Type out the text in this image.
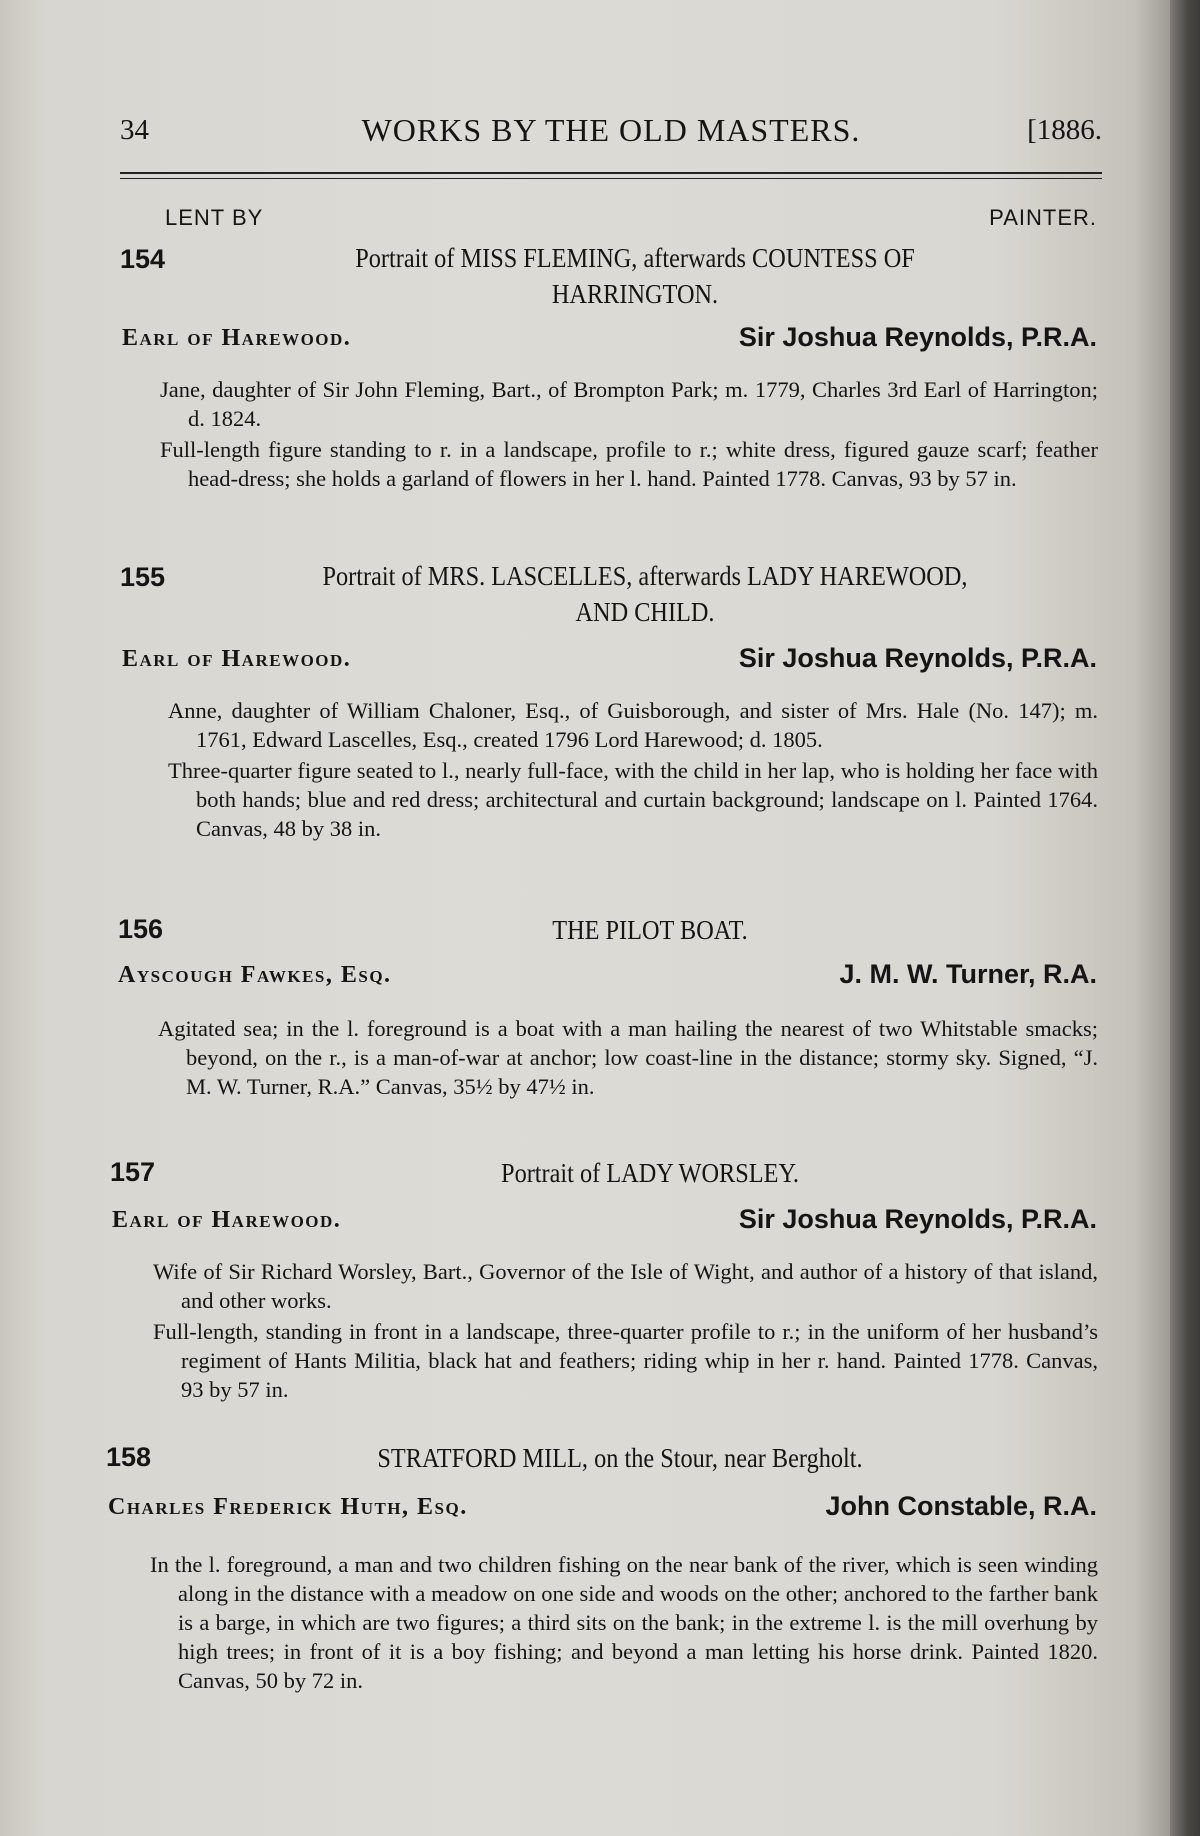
34	WORKS BY THE OLD MASTERS.	[1886.
LENT BY	PAINTER.
154	Portrait of MISS FLEMING, afterwards COUNTESS OF
HARRINGTON.
Earl of Harewood.	Sir Joshua Reynolds, P.R.A.

Jane, daughter of Sir John Fleming, Bart., of Brompton Park; m. 1779, Charles 3rd Earl of Harrington; d. 1824.

Full-length figure standing to r. in a landscape, profile to r.; white dress, figured gauze scarf; feather head-dress; she holds a garland of flowers in her l. hand. Painted 1778. Canvas, 93 by 57 in.

155	Portrait of MRS. LASCELLES, afterwards LADY HAREWOOD,
AND CHILD.
Earl of Harewood.	Sir Joshua Reynolds, P.R.A.

Anne, daughter of William Chaloner, Esq., of Guisborough, and sister of Mrs. Hale (No. 147); m. 1761, Edward Lascelles, Esq., created 1796 Lord Harewood; d. 1805.

Three-quarter figure seated to l., nearly full-face, with the child in her lap, who is holding her face with both hands; blue and red dress; architectural and curtain background; landscape on l. Painted 1764. Canvas, 48 by 38 in.

156	THE PILOT BOAT.
Ayscough Fawkes, Esq.	J. M. W. Turner, R.A.

Agitated sea; in the l. foreground is a boat with a man hailing the nearest of two Whitstable smacks; beyond, on the r., is a man-of-war at anchor; low coast-line in the distance; stormy sky. Signed, “J. M. W. Turner, R.A.” Canvas, 35½ by 47½ in.

157	Portrait of LADY WORSLEY.
Earl of Harewood.	Sir Joshua Reynolds, P.R.A.

Wife of Sir Richard Worsley, Bart., Governor of the Isle of Wight, and author of a history of that island, and other works.

Full-length, standing in front in a landscape, three-quarter profile to r.; in the uniform of her husband’s regiment of Hants Militia, black hat and feathers; riding whip in her r. hand. Painted 1778. Canvas, 93 by 57 in.

158	STRATFORD MILL, on the Stour, near Bergholt.
Charles Frederick Huth, Esq.	John Constable, R.A.

In the l. foreground, a man and two children fishing on the near bank of the river, which is seen winding along in the distance with a meadow on one side and woods on the other; anchored to the farther bank is a barge, in which are two figures; a third sits on the bank; in the extreme l. is the mill overhung by high trees; in front of it is a boy fishing; and beyond a man letting his horse drink. Painted 1820. Canvas, 50 by 72 in.
